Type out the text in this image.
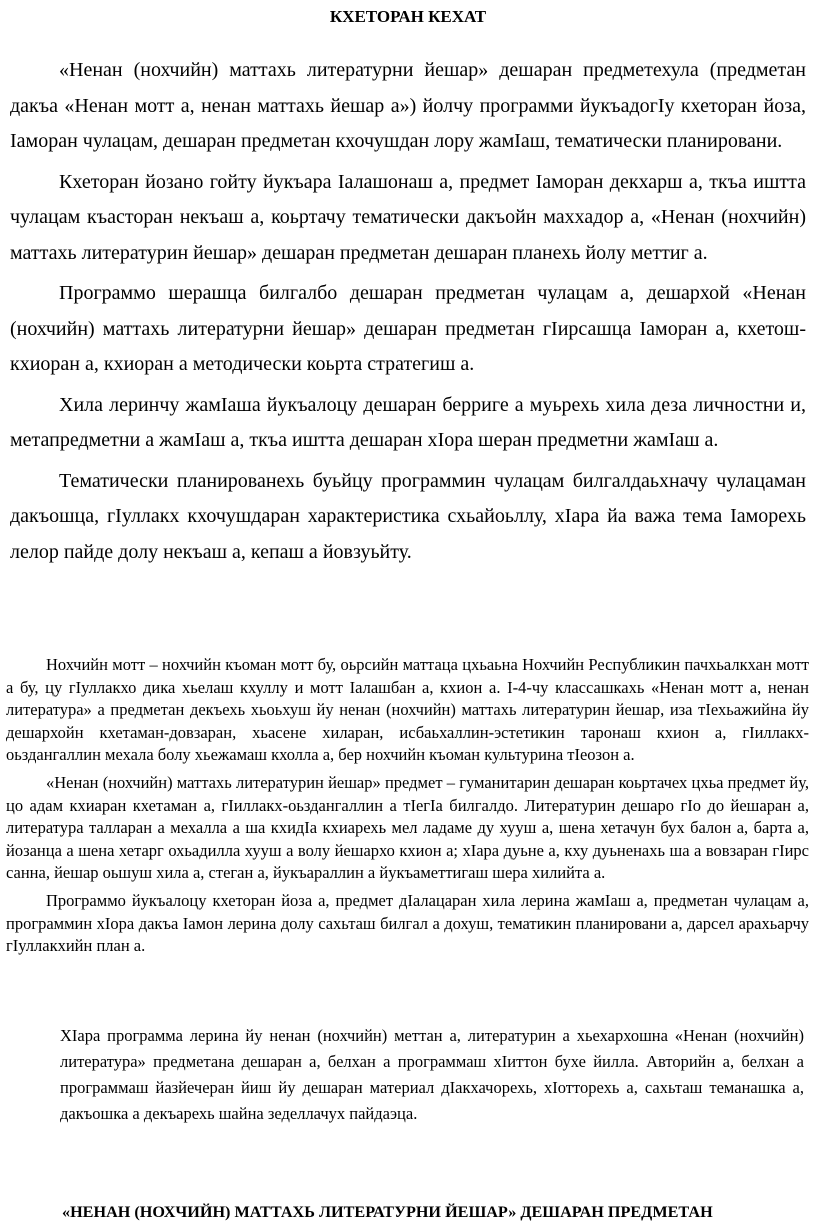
КХЕТОРАН КЕХАТ

«Ненан (нохчийн) маттахь литературни йешар» дешаран предметехула (предметан дакъа «Ненан мотт а, ненан маттахь йешар а») йолчу программи йукъадогIу кхеторан йоза, Iаморан чулацам, дешаран предметан кхочушдан лору жамIаш, тематически планировани.

Кхеторан йозано гойту йукъара Iалашонаш а, предмет Iаморан декхарш а, ткъа иштта чулацам къасторан некъаш а, коьртачу тематически дакъойн маххадор а, «Ненан (нохчийн) маттахь литературин йешар» дешаран предметан дешаран планехь йолу меттиг а.

Программо шерашца билгалбо дешаран предметан чулацам а, дешархой «Ненан (нохчийн) маттахь литературни йешар» дешаран предметан гIирсашца Iаморан а, кхетош-кхиоран а, кхиоран а методически коьрта стратегиш а.

Хила леринчу жамIаша йукъалоцу дешаран берриге а муьрехь хила деза личностни и, метапредметни а жамIаш а, ткъа иштта дешаран хIора шеран предметни жамIаш а.

Тематически планированехь буьйцу программин чулацам билгалдаьхначу чулацаман дакъошца, гIуллакх кхочушдаран характеристика схьайоьллу, хIара йа важа тема Iаморехь лелор пайде долу некъаш а, кепаш а йовзуьйту.

Нохчийн мотт – нохчийн къоман мотт бу, оьрсийн маттаца цхьаьна Нохчийн Республикин пачхьалкхан мотт а бу, цу гIуллакхо дика хьелаш кхуллу и мотт Iалашбан а, кхион а. I-4-чу классашкахь «Ненан мотт а, ненан литература» а предметан декъехь хьоьхуш йу ненан (нохчийн) маттахь литературин йешар, иза тIехьажийна йу дешархойн кхетаман-довзаран, хьасене хиларан, исбаьхаллин-эстетикин таронаш кхион а, гIиллакх-оьздангаллин мехала болу хьежамаш кхолла а, бер нохчийн къоман культурина тIеозон а.

«Ненан (нохчийн) маттахь литературин йешар» предмет – гуманитарин дешаран коьртачех цхьа предмет йу, цо адам кхиаран кхетаман а, гIиллакх-оьздангаллин а тIегIа билгалдо. Литературин дешаро гIо до йешаран а, литература таллaран а мехалла а ша кхидIа кхиарехь мел ладаме ду хууш а, шена хетачун бух балон а, барта а, йозанца а шена хетарг охьадилла хууш а волу йешархо кхион а; хIара дуьне а, кху дуьненахь ша а вовзаран гIирс санна, йешар оьшуш хила а, стеган а, йукъараллин а йукъаметтигаш шера хилийта а.

Программо йукъалоцу кхеторан йоза а, предмет дIалацаран хила лерина жамIаш а, предметан чулацам а, программин хIора дакъа Iамон лерина долу сахьташ билгал а дохуш, тематикин планировани а, дарсел арахьарчу гIуллакхийн план а.

ХIара программа лерина йу ненан (нохчийн) меттан а, литературин а хьехархошна «Ненан (нохчийн) литература» предметана дешаран а, белхан а программаш хIиттон бухе йилла. Авторийн а, белхан а программаш йазйечеран йиш йу дешаран материал дIакхачорехь, хIотторехь а, сахьташ теманашка а, дакъошка а декъарехь шайна зеделлачух пайдаэца.

«НЕНАН (НОХЧИЙН) МАТТАХЬ ЛИТЕРАТУРНИ ЙЕШАР» ДЕШАРАН ПРЕДМЕТАН
